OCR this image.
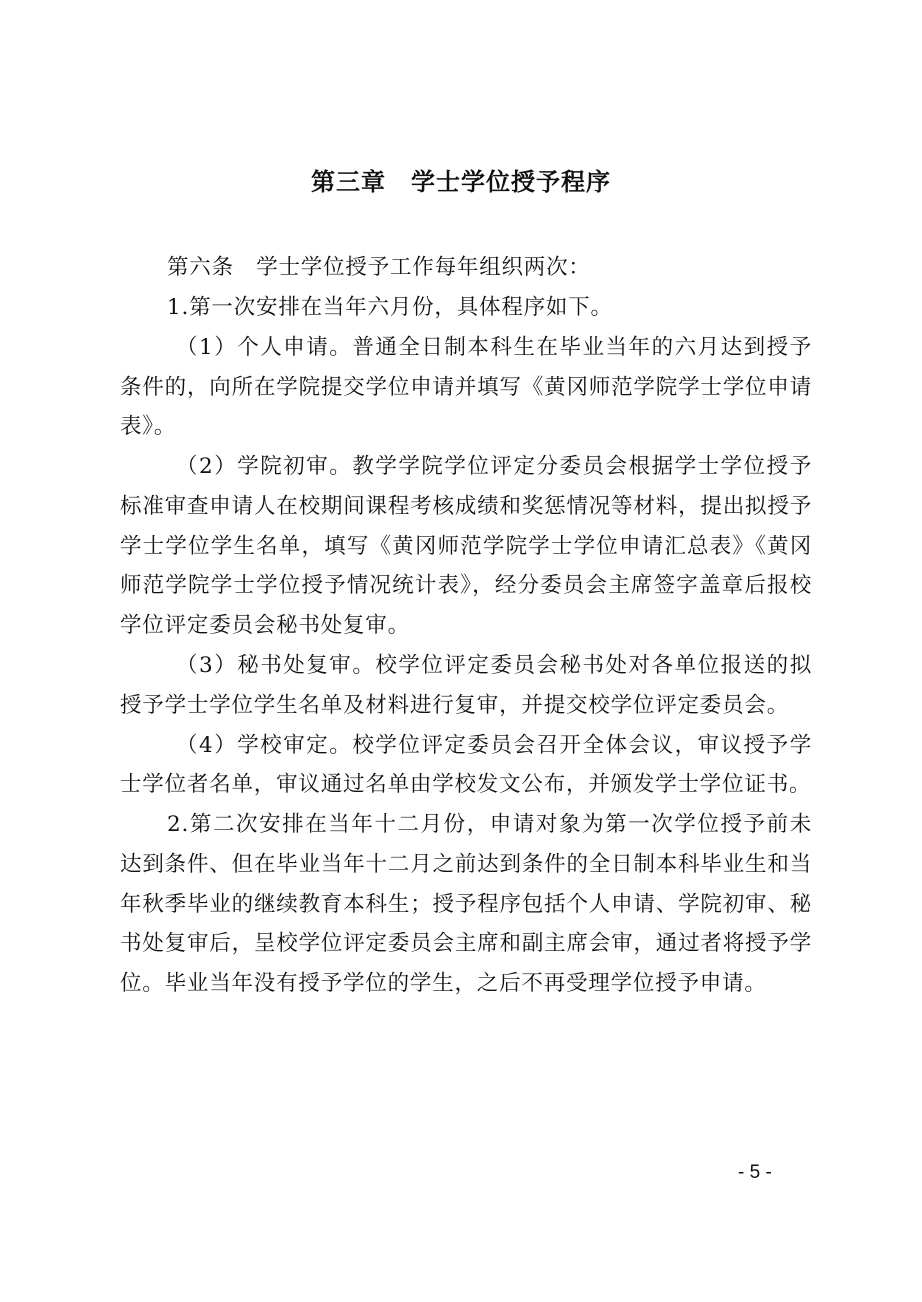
第三章　学士学位授予程序

第六条　学士学位授予工作每年组织两次：

1.第一次安排在当年六月份，具体程序如下。

（1）个人申请。普通全日制本科生在毕业当年的六月达到授予条件的，向所在学院提交学位申请并填写《黄冈师范学院学士学位申请表》。

（2）学院初审。教学学院学位评定分委员会根据学士学位授予标准审查申请人在校期间课程考核成绩和奖惩情况等材料，提出拟授予学士学位学生名单，填写《黄冈师范学院学士学位申请汇总表》《黄冈师范学院学士学位授予情况统计表》，经分委员会主席签字盖章后报校学位评定委员会秘书处复审。

（3）秘书处复审。校学位评定委员会秘书处对各单位报送的拟授予学士学位学生名单及材料进行复审，并提交校学位评定委员会。

（4）学校审定。校学位评定委员会召开全体会议，审议授予学士学位者名单，审议通过名单由学校发文公布，并颁发学士学位证书。

2.第二次安排在当年十二月份，申请对象为第一次学位授予前未达到条件、但在毕业当年十二月之前达到条件的全日制本科毕业生和当年秋季毕业的继续教育本科生；授予程序包括个人申请、学院初审、秘书处复审后，呈校学位评定委员会主席和副主席会审，通过者将授予学位。毕业当年没有授予学位的学生，之后不再受理学位授予申请。

- 5 -
